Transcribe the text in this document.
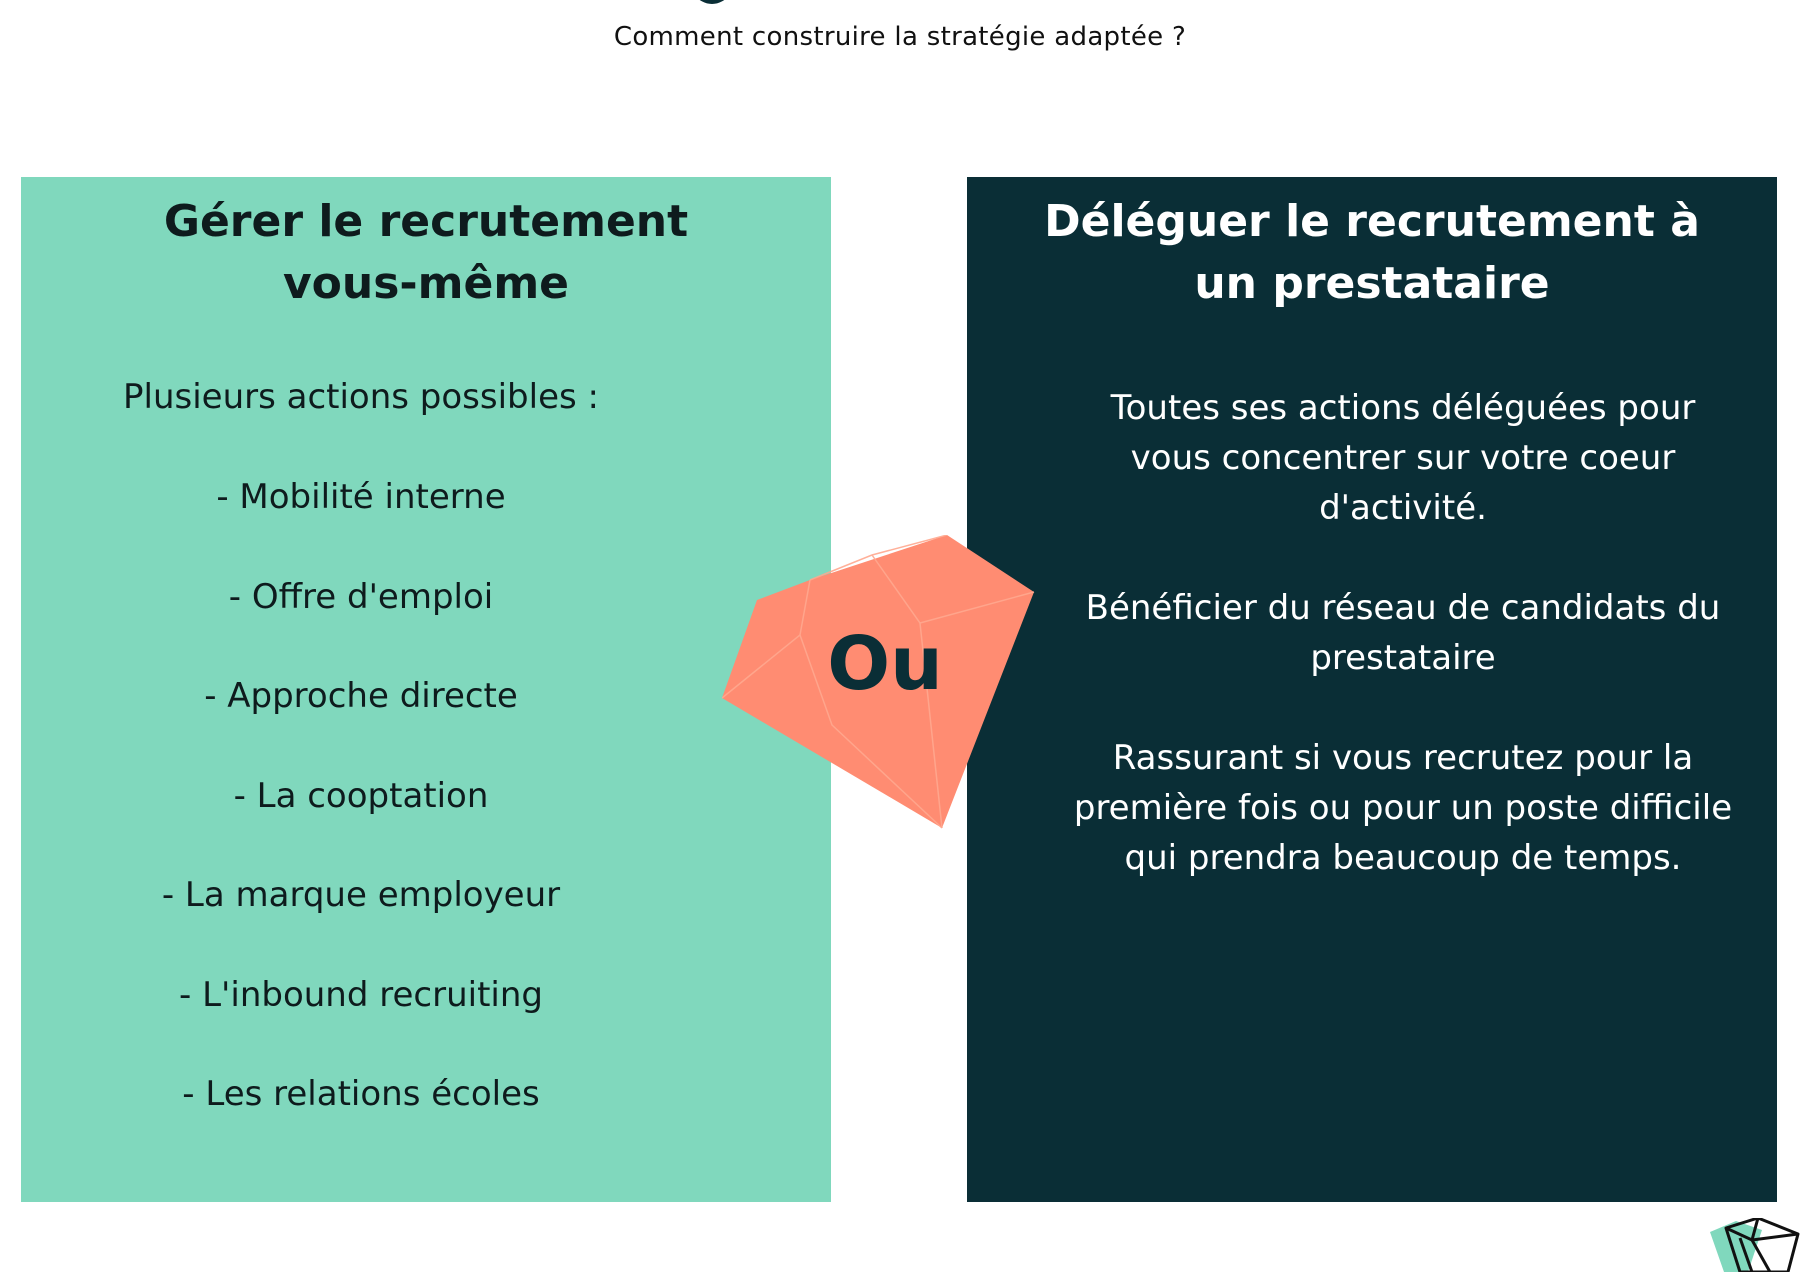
Comment construire la stratégie adaptée ?
Gérer le recrutement
vous-même
Plusieurs actions possibles :
- Mobilité interne
- Offre d'emploi
- Approche directe
- La cooptation
- La marque employeur
- L'inbound recruiting
- Les relations écoles
Déléguer le recrutement à
un prestataire
Toutes ses actions déléguées pour
vous concentrer sur votre coeur
d'activité.
Bénéficier du réseau de candidats du
prestataire
Rassurant si vous recrutez pour la
première fois ou pour un poste difficile
qui prendra beaucoup de temps.
Ou
